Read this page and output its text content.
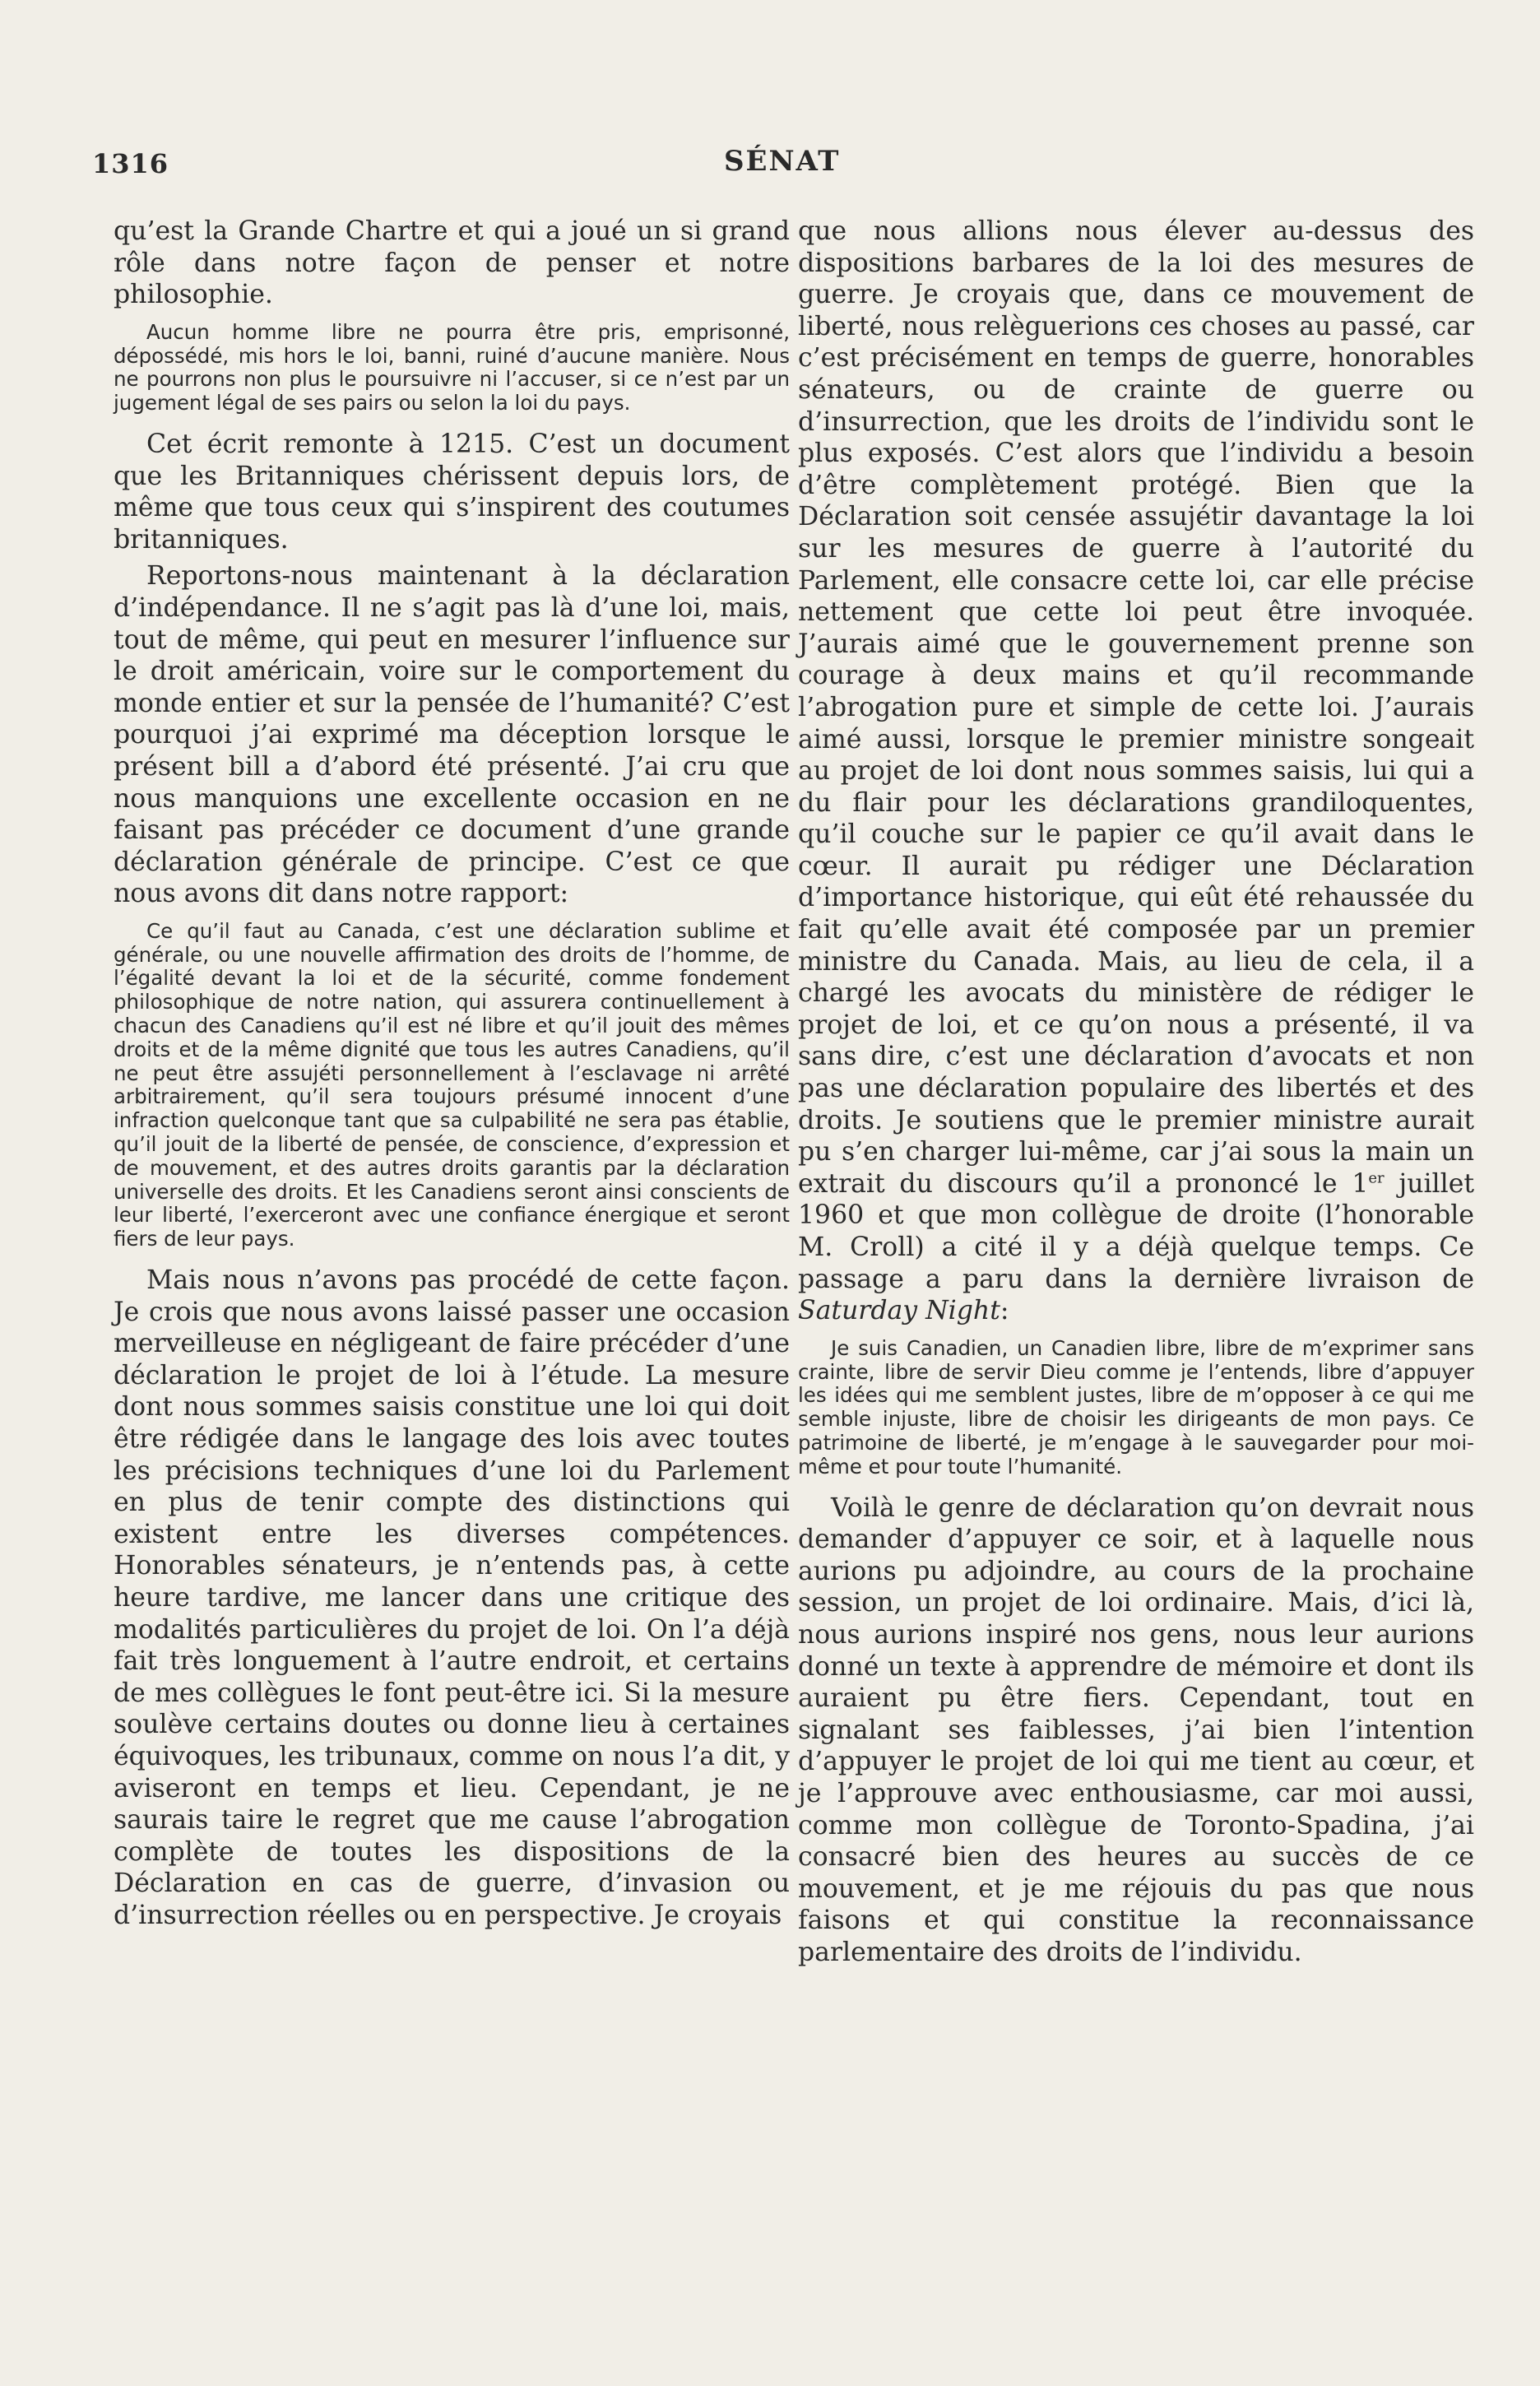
1316	SÉNAT

qu’est la Grande Chartre et qui a joué un si grand rôle dans notre façon de penser et notre philosophie.

Aucun homme libre ne pourra être pris, emprisonné, dépossédé, mis hors le loi, banni, ruiné d’aucune manière. Nous ne pourrons non plus le poursuivre ni l’accuser, si ce n’est par un jugement légal de ses pairs ou selon la loi du pays.

Cet écrit remonte à 1215. C’est un document que les Britanniques chérissent depuis lors, de même que tous ceux qui s’inspirent des coutumes britanniques.

Reportons-nous maintenant à la déclaration d’indépendance. Il ne s’agit pas là d’une loi, mais, tout de même, qui peut en mesurer l’influence sur le droit américain, voire sur le comportement du monde entier et sur la pensée de l’humanité? C’est pourquoi j’ai exprimé ma déception lorsque le présent bill a d’abord été présenté. J’ai cru que nous manquions une excellente occasion en ne faisant pas précéder ce document d’une grande déclaration générale de principe. C’est ce que nous avons dit dans notre rapport:

Ce qu’il faut au Canada, c’est une déclaration sublime et générale, ou une nouvelle affirmation des droits de l’homme, de l’égalité devant la loi et de la sécurité, comme fondement philosophique de notre nation, qui assurera continuellement à chacun des Canadiens qu’il est né libre et qu’il jouit des mêmes droits et de la même dignité que tous les autres Canadiens, qu’il ne peut être assujéti personnellement à l’esclavage ni arrêté arbitrairement, qu’il sera toujours présumé innocent d’une infraction quelconque tant que sa culpabilité ne sera pas établie, qu’il jouit de la liberté de pensée, de conscience, d’expression et de mouvement, et des autres droits garantis par la déclaration universelle des droits. Et les Canadiens seront ainsi conscients de leur liberté, l’exerceront avec une confiance énergique et seront fiers de leur pays.

Mais nous n’avons pas procédé de cette façon. Je crois que nous avons laissé passer une occasion merveilleuse en négligeant de faire précéder d’une déclaration le projet de loi à l’étude. La mesure dont nous sommes saisis constitue une loi qui doit être rédigée dans le langage des lois avec toutes les précisions techniques d’une loi du Parlement en plus de tenir compte des distinctions qui existent entre les diverses compétences. Honorables sénateurs, je n’entends pas, à cette heure tardive, me lancer dans une critique des modalités particulières du projet de loi. On l’a déjà fait très longuement à l’autre endroit, et certains de mes collègues le font peut-être ici. Si la mesure soulève certains doutes ou donne lieu à certaines équivoques, les tribunaux, comme on nous l’a dit, y aviseront en temps et lieu. Cependant, je ne saurais taire le regret que me cause l’abrogation complète de toutes les dispositions de la Déclaration en cas de guerre, d’invasion ou d’insurrection réelles ou en perspective. Je croyais

que nous allions nous élever au-dessus des dispositions barbares de la loi des mesures de guerre. Je croyais que, dans ce mouvement de liberté, nous relèguerions ces choses au passé, car c’est précisément en temps de guerre, honorables sénateurs, ou de crainte de guerre ou d’insurrection, que les droits de l’individu sont le plus exposés. C’est alors que l’individu a besoin d’être complètement protégé. Bien que la Déclaration soit censée assujétir davantage la loi sur les mesures de guerre à l’autorité du Parlement, elle consacre cette loi, car elle précise nettement que cette loi peut être invoquée. J’aurais aimé que le gouvernement prenne son courage à deux mains et qu’il recommande l’abrogation pure et simple de cette loi. J’aurais aimé aussi, lorsque le premier ministre songeait au projet de loi dont nous sommes saisis, lui qui a du flair pour les déclarations grandiloquentes, qu’il couche sur le papier ce qu’il avait dans le cœur. Il aurait pu rédiger une Déclaration d’importance historique, qui eût été rehaussée du fait qu’elle avait été composée par un premier ministre du Canada. Mais, au lieu de cela, il a chargé les avocats du ministère de rédiger le projet de loi, et ce qu’on nous a présenté, il va sans dire, c’est une déclaration d’avocats et non pas une déclaration populaire des libertés et des droits. Je soutiens que le premier ministre aurait pu s’en charger lui-même, car j’ai sous la main un extrait du discours qu’il a prononcé le 1er juillet 1960 et que mon collègue de droite (l’honorable M. Croll) a cité il y a déjà quelque temps. Ce passage a paru dans la dernière livraison de Saturday Night:

Je suis Canadien, un Canadien libre, libre de m’exprimer sans crainte, libre de servir Dieu comme je l’entends, libre d’appuyer les idées qui me semblent justes, libre de m’opposer à ce qui me semble injuste, libre de choisir les dirigeants de mon pays. Ce patrimoine de liberté, je m’engage à le sauvegarder pour moi-même et pour toute l’humanité.

Voilà le genre de déclaration qu’on devrait nous demander d’appuyer ce soir, et à laquelle nous aurions pu adjoindre, au cours de la prochaine session, un projet de loi ordinaire. Mais, d’ici là, nous aurions inspiré nos gens, nous leur aurions donné un texte à apprendre de mémoire et dont ils auraient pu être fiers. Cependant, tout en signalant ses faiblesses, j’ai bien l’intention d’appuyer le projet de loi qui me tient au cœur, et je l’approuve avec enthousiasme, car moi aussi, comme mon collègue de Toronto-Spadina, j’ai consacré bien des heures au succès de ce mouvement, et je me réjouis du pas que nous faisons et qui constitue la reconnaissance parlementaire des droits de l’individu.
